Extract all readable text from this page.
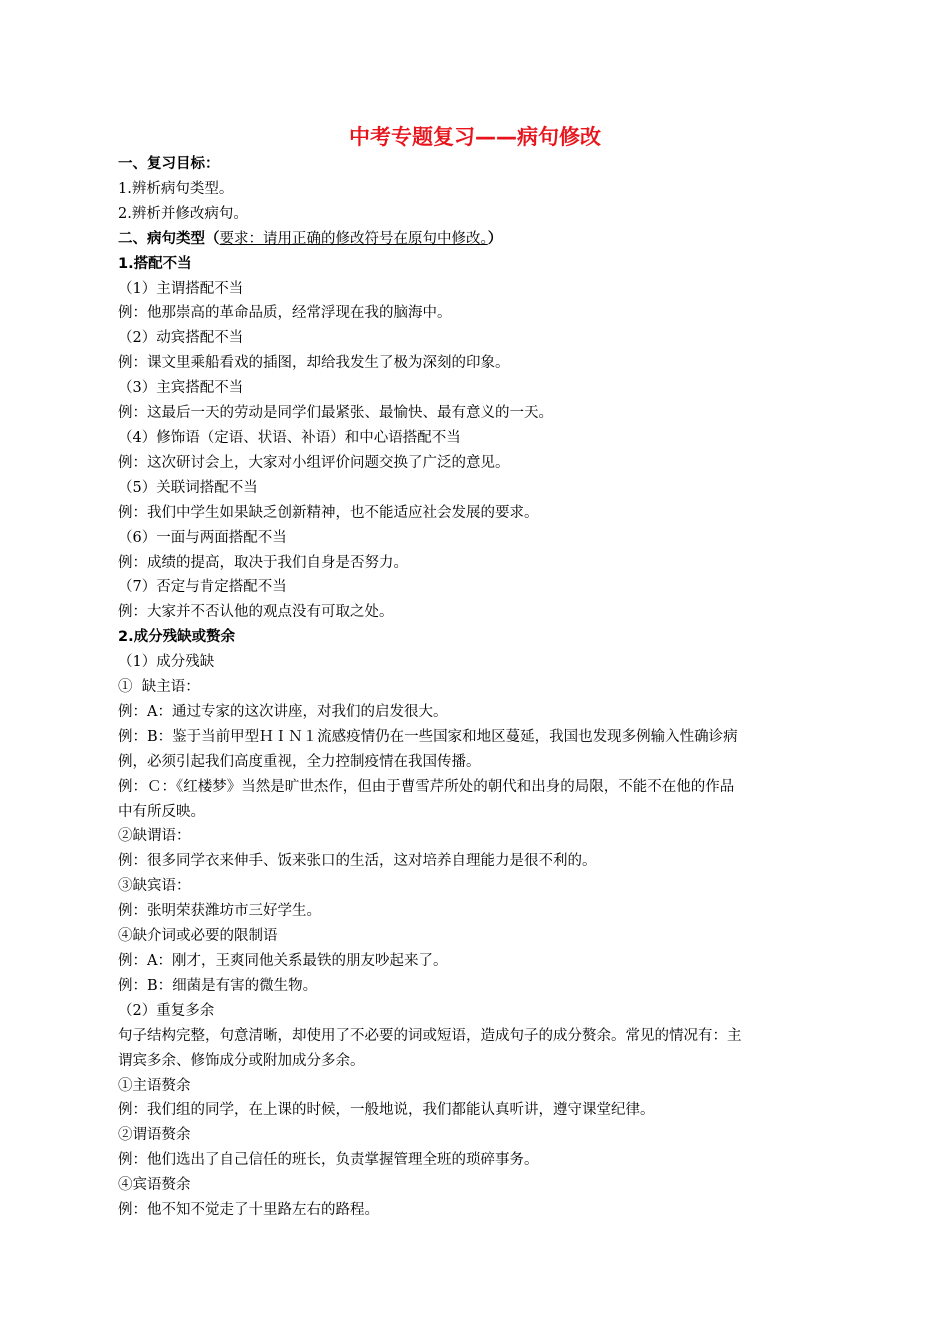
中考专题复习——病句修改

一、复习目标：

1.辨析病句类型。

2.辨析并修改病句。

二、病句类型（要求：请用正确的修改符号在原句中修改。）

1.搭配不当

（1）主谓搭配不当

例：他那崇高的革命品质，经常浮现在我的脑海中。

（2）动宾搭配不当

例：课文里乘船看戏的插图，却给我发生了极为深刻的印象。

（3）主宾搭配不当

例：这最后一天的劳动是同学们最紧张、最愉快、最有意义的一天。

（4）修饰语（定语、状语、补语）和中心语搭配不当

例：这次研讨会上，大家对小组评价问题交换了广泛的意见。

（5）关联词搭配不当

例：我们中学生如果缺乏创新精神，也不能适应社会发展的要求。

（6）一面与两面搭配不当

例：成绩的提高，取决于我们自身是否努力。

（7）否定与肯定搭配不当

例：大家并不否认他的观点没有可取之处。

2.成分残缺或赘余

（1）成分残缺

①  缺主语：

例：A：通过专家的这次讲座，对我们的启发很大。

例：B：鉴于当前甲型ＨＩＮ１流感疫情仍在一些国家和地区蔓延，我国也发现多例输入性确诊病

例，必须引起我们高度重视，全力控制疫情在我国传播。

例：Ｃ：《红楼梦》当然是旷世杰作，但由于曹雪芹所处的朝代和出身的局限，不能不在他的作品

中有所反映。

②缺谓语：

例：很多同学衣来伸手、饭来张口的生活，这对培养自理能力是很不利的。

③缺宾语：

例：张明荣获潍坊市三好学生。

④缺介词或必要的限制语

例：A：刚才，王爽同他关系最铁的朋友吵起来了。

例：B：细菌是有害的微生物。

（2）重复多余

句子结构完整，句意清晰，却使用了不必要的词或短语，造成句子的成分赘余。常见的情况有：主

谓宾多余、修饰成分或附加成分多余。

①主语赘余

例：我们组的同学，在上课的时候，一般地说，我们都能认真听讲，遵守课堂纪律。

②谓语赘余

例：他们选出了自己信任的班长，负责掌握管理全班的琐碎事务。

④宾语赘余

例：他不知不觉走了十里路左右的路程。
